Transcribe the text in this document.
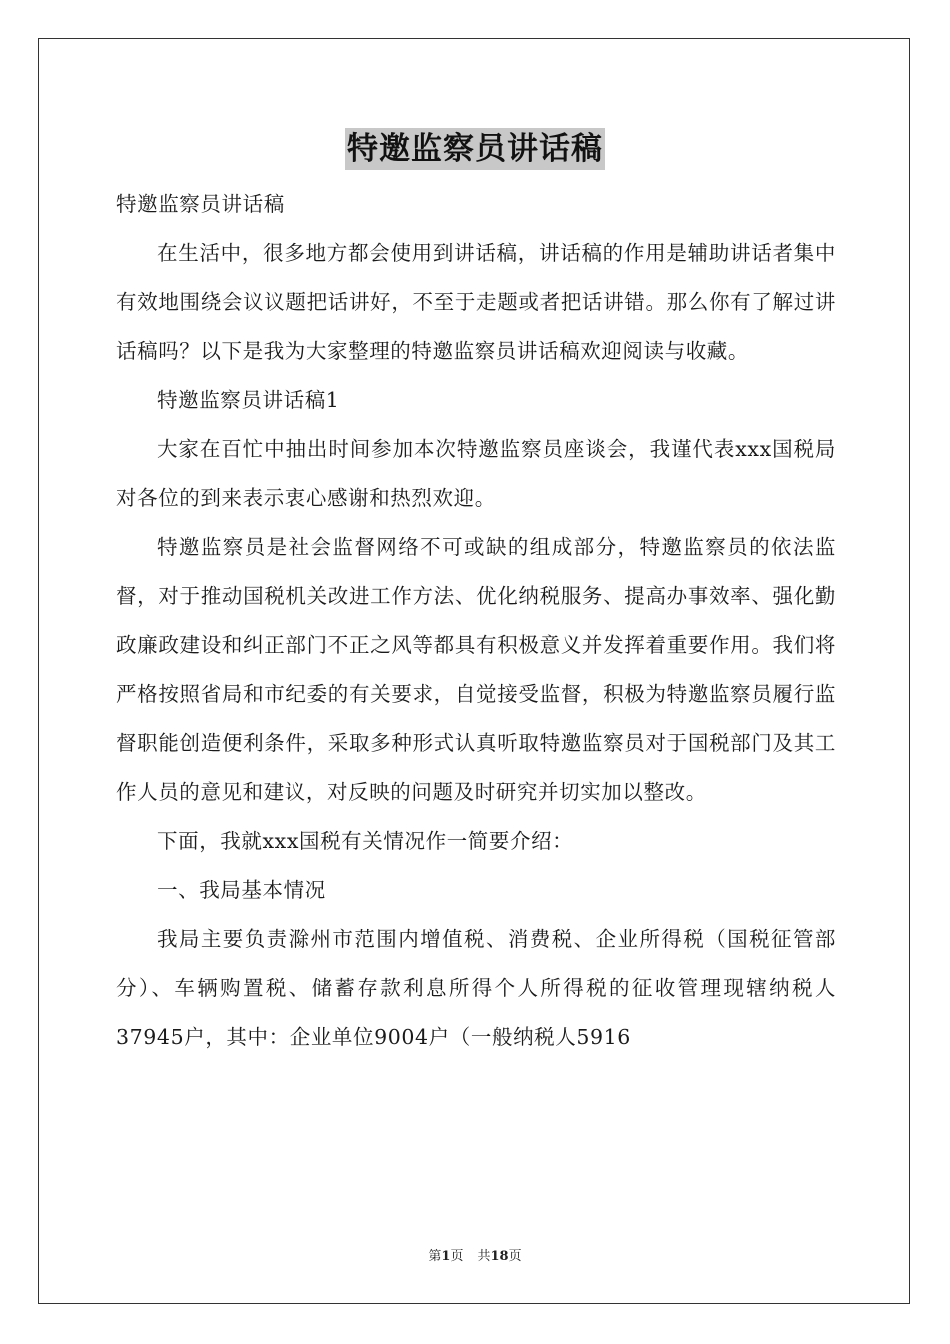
特邀监察员讲话稿

特邀监察员讲话稿

在生活中，很多地方都会使用到讲话稿，讲话稿的作用是辅助讲话者集中有效地围绕会议议题把话讲好，不至于走题或者把话讲错。那么你有了解过讲话稿吗？以下是我为大家整理的特邀监察员讲话稿欢迎阅读与收藏。

特邀监察员讲话稿1

大家在百忙中抽出时间参加本次特邀监察员座谈会，我谨代表xxx国税局对各位的到来表示衷心感谢和热烈欢迎。

特邀监察员是社会监督网络不可或缺的组成部分，特邀监察员的依法监督，对于推动国税机关改进工作方法、优化纳税服务、提高办事效率、强化勤政廉政建设和纠正部门不正之风等都具有积极意义并发挥着重要作用。我们将严格按照省局和市纪委的有关要求，自觉接受监督，积极为特邀监察员履行监督职能创造便利条件，采取多种形式认真听取特邀监察员对于国税部门及其工作人员的意见和建议，对反映的问题及时研究并切实加以整改。

下面，我就xxx国税有关情况作一简要介绍：

一、我局基本情况

我局主要负责滁州市范围内增值税、消费税、企业所得税（国税征管部分）、车辆购置税、储蓄存款利息所得个人所得税的征收管理现辖纳税人37945户，其中：企业单位9004户（一般纳税人5916

第1页 共18页
